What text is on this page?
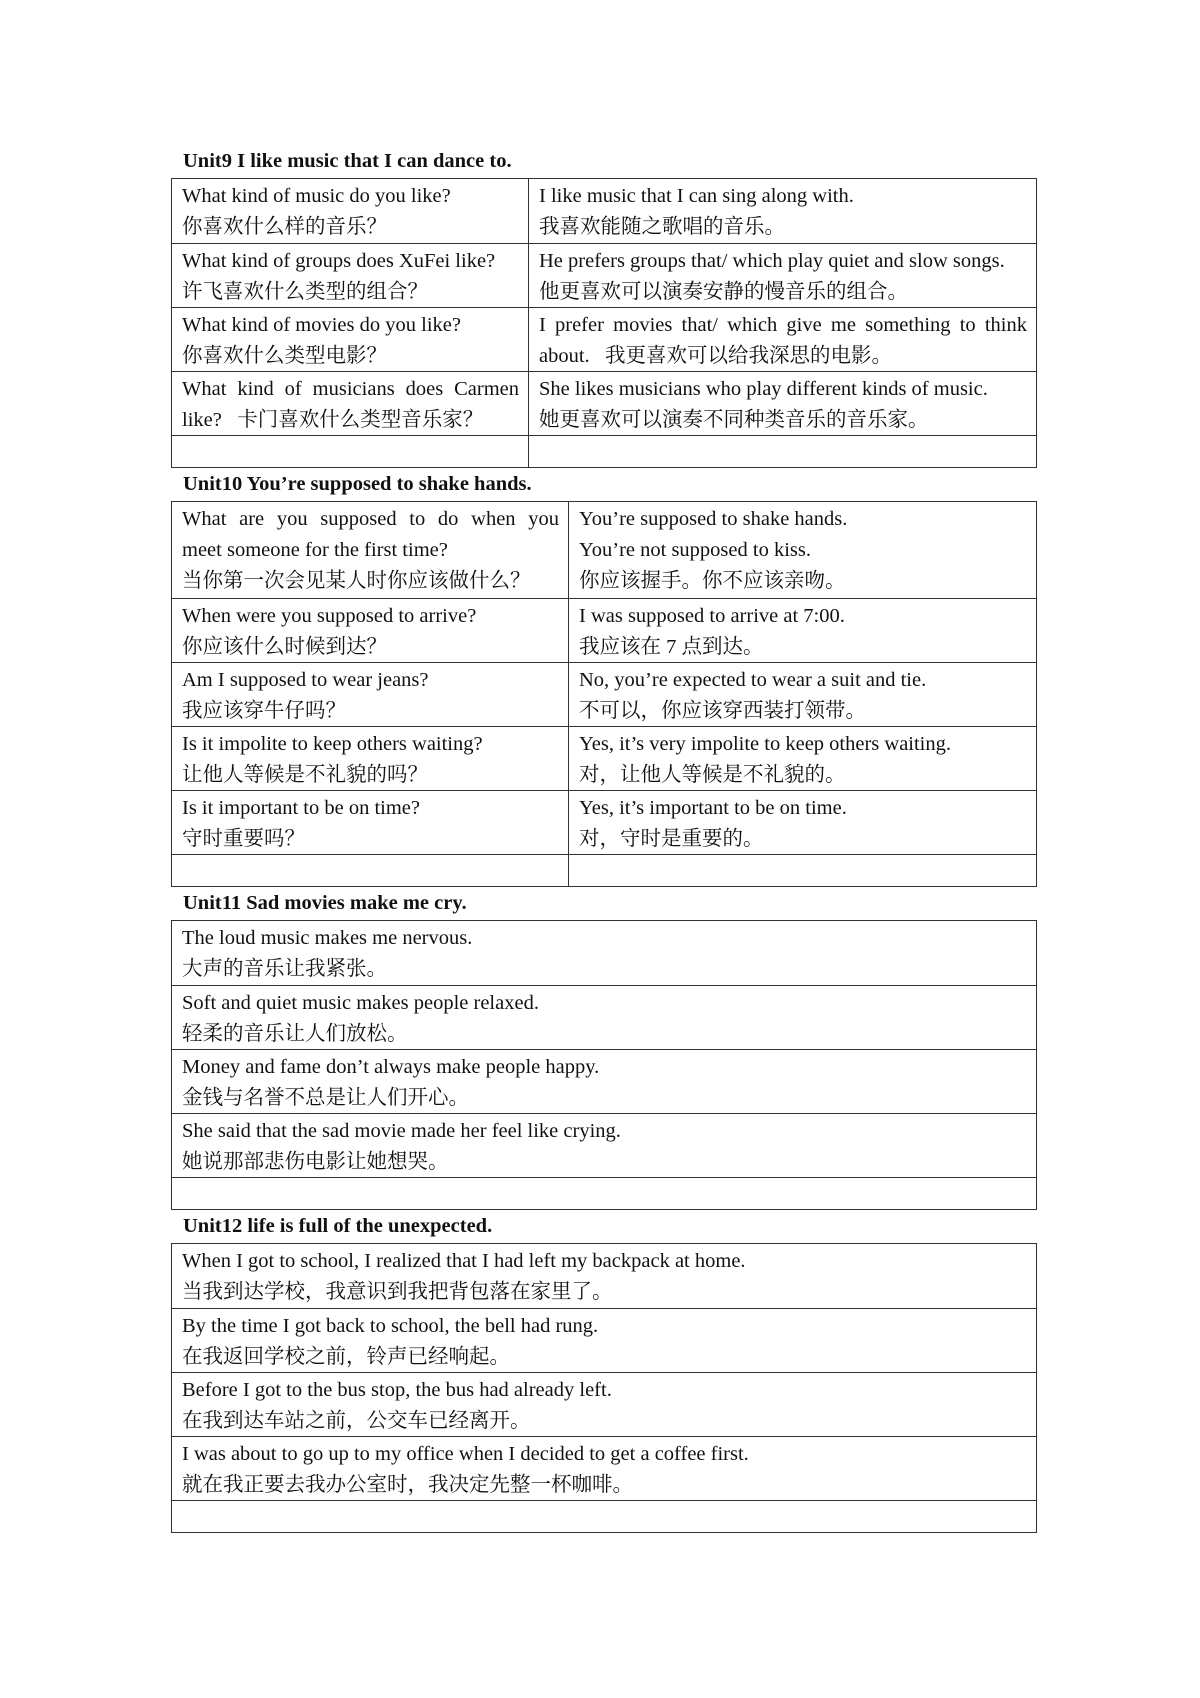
Unit9 I like music that I can dance to.
What kind of music do you like?
你喜欢什么样的音乐？
I like music that I can sing along with.
我喜欢能随之歌唱的音乐。
What kind of groups does XuFei like?
许飞喜欢什么类型的组合？
He prefers groups that/ which play quiet and slow songs.
他更喜欢可以演奏安静的慢音乐的组合。
What kind of movies do you like?
你喜欢什么类型电影？
I prefer movies that/ which give me something to think
about.   我更喜欢可以给我深思的电影。
What kind of musicians does Carmen
like?   卡门喜欢什么类型音乐家？
She likes musicians who play different kinds of music.
她更喜欢可以演奏不同种类音乐的音乐家。
Unit10 You’re supposed to shake hands.
What are you supposed to do when you
meet someone for the first time?
当你第一次会见某人时你应该做什么？
You’re supposed to shake hands.
You’re not supposed to kiss.
你应该握手。你不应该亲吻。
When were you supposed to arrive?
你应该什么时候到达？
I was supposed to arrive at 7:00.
我应该在 7 点到达。
Am I supposed to wear jeans?
我应该穿牛仔吗？
No, you’re expected to wear a suit and tie.
不可以，你应该穿西装打领带。
Is it impolite to keep others waiting?
让他人等候是不礼貌的吗？
Yes, it’s very impolite to keep others waiting.
对，让他人等候是不礼貌的。
Is it important to be on time?
守时重要吗？
Yes, it’s important to be on time.
对，守时是重要的。
Unit11 Sad movies make me cry.
The loud music makes me nervous.
大声的音乐让我紧张。
Soft and quiet music makes people relaxed.
轻柔的音乐让人们放松。
Money and fame don’t always make people happy.
金钱与名誉不总是让人们开心。
She said that the sad movie made her feel like crying.
她说那部悲伤电影让她想哭。
Unit12 life is full of the unexpected.
When I got to school, I realized that I had left my backpack at home.
当我到达学校，我意识到我把背包落在家里了。
By the time I got back to school, the bell had rung.
在我返回学校之前，铃声已经响起。
Before I got to the bus stop, the bus had already left.
在我到达车站之前，公交车已经离开。
I was about to go up to my office when I decided to get a coffee first.
就在我正要去我办公室时，我决定先整一杯咖啡。
